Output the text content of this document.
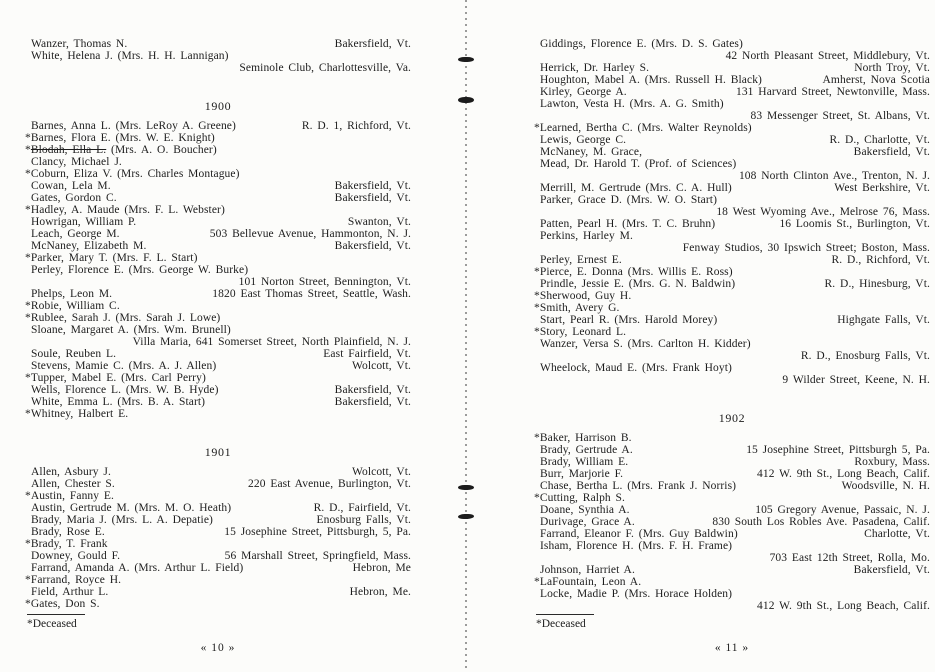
Wanzer, Thomas N.	Bakersfield, Vt.
White, Helena J. (Mrs. H. H. Lannigan)
Seminole Club, Charlottesville, Va.
1900
Barnes, Anna L. (Mrs. LeRoy A. Greene)	R. D. 1, Richford, Vt.
*Barnes, Flora E. (Mrs. W. E. Knight)
*Blodah, Ella L. (Mrs. A. O. Boucher)
Clancy, Michael J.
*Coburn, Eliza V. (Mrs. Charles Montague)
Cowan, Lela M.	Bakersfield, Vt.
Gates, Gordon C.	Bakersfield, Vt.
*Hadley, A. Maude (Mrs. F. L. Webster)
Howrigan, William P.	Swanton, Vt.
Leach, George M.	503 Bellevue Avenue, Hammonton, N. J.
McNaney, Elizabeth M.	Bakersfield, Vt.
*Parker, Mary T. (Mrs. F. L. Start)
Perley, Florence E. (Mrs. George W. Burke)
101 Norton Street, Bennington, Vt.
Phelps, Leon M.	1820 East Thomas Street, Seattle, Wash.
*Robie, William C.
*Rublee, Sarah J. (Mrs. Sarah J. Lowe)
Sloane, Margaret A. (Mrs. Wm. Brunell)
Villa Maria, 641 Somerset Street, North Plainfield, N. J.
Soule, Reuben L.	East Fairfield, Vt.
Stevens, Mamie C. (Mrs. A. J. Allen)	Wolcott, Vt.
*Tupper, Mabel E. (Mrs. Carl Perry)
Wells, Florence L. (Mrs. W. B. Hyde)	Bakersfield, Vt.
White, Emma L. (Mrs. B. A. Start)	Bakersfield, Vt.
*Whitney, Halbert E.
1901
Allen, Asbury J.	Wolcott, Vt.
Allen, Chester S.	220 East Avenue, Burlington, Vt.
*Austin, Fanny E.
Austin, Gertrude M. (Mrs. M. O. Heath)	R. D., Fairfield, Vt.
Brady, Maria J. (Mrs. L. A. Depatie)	Enosburg Falls, Vt.
Brady, Rose E.	15 Josephine Street, Pittsburgh, 5, Pa.
*Brady, T. Frank
Downey, Gould F.	56 Marshall Street, Springfield, Mass.
Farrand, Amanda A. (Mrs. Arthur L. Field)	Hebron, Me
*Farrand, Royce H.
Field, Arthur L.	Hebron, Me.
*Gates, Don S.
*Deceased
« 10 »
Giddings, Florence E. (Mrs. D. S. Gates)
42 North Pleasant Street, Middlebury, Vt.
Herrick, Dr. Harley S.	North Troy, Vt.
Houghton, Mabel A. (Mrs. Russell H. Black)	Amherst, Nova Scotia
Kirley, George A.	131 Harvard Street, Newtonville, Mass.
Lawton, Vesta H. (Mrs. A. G. Smith)
83 Messenger Street, St. Albans, Vt.
*Learned, Bertha C. (Mrs. Walter Reynolds)
Lewis, George C.	R. D., Charlotte, Vt.
McNaney, M. Grace,	Bakersfield, Vt.
Mead, Dr. Harold T. (Prof. of Sciences)
108 North Clinton Ave., Trenton, N. J.
Merrill, M. Gertrude (Mrs. C. A. Hull)	West Berkshire, Vt.
Parker, Grace D. (Mrs. W. O. Start)
18 West Wyoming Ave., Melrose 76, Mass.
Patten, Pearl H. (Mrs. T. C. Bruhn)	16 Loomis St., Burlington, Vt.
Perkins, Harley M.
Fenway Studios, 30 Ipswich Street; Boston, Mass.
Perley, Ernest E.	R. D., Richford, Vt.
*Pierce, E. Donna (Mrs. Willis E. Ross)
Prindle, Jessie E. (Mrs. G. N. Baldwin)	R. D., Hinesburg, Vt.
*Sherwood, Guy H.
*Smith, Avery G.
Start, Pearl R. (Mrs. Harold Morey)	Highgate Falls, Vt.
*Story, Leonard L.
Wanzer, Versa S. (Mrs. Carlton H. Kidder)
R. D., Enosburg Falls, Vt.
Wheelock, Maud E. (Mrs. Frank Hoyt)
9 Wilder Street, Keene, N. H.
1902
*Baker, Harrison B.
Brady, Gertrude A.	15 Josephine Street, Pittsburgh 5, Pa.
Brady, William E.	Roxbury, Mass.
Burr, Marjorie F.	412 W. 9th St., Long Beach, Calif.
Chase, Bertha L. (Mrs. Frank J. Norris)	Woodsville, N. H.
*Cutting, Ralph S.
Doane, Synthia A.	105 Gregory Avenue, Passaic, N. J.
Durivage, Grace A.	830 South Los Robles Ave. Pasadena, Calif.
Farrand, Eleanor F. (Mrs. Guy Baldwin)	Charlotte, Vt.
Isham, Florence H. (Mrs. F. H. Frame)
703 East 12th Street, Rolla, Mo.
Johnson, Harriet A.	Bakersfield, Vt.
*LaFountain, Leon A.
Locke, Madie P. (Mrs. Horace Holden)
412 W. 9th St., Long Beach, Calif.
*Deceased
« 11 »
